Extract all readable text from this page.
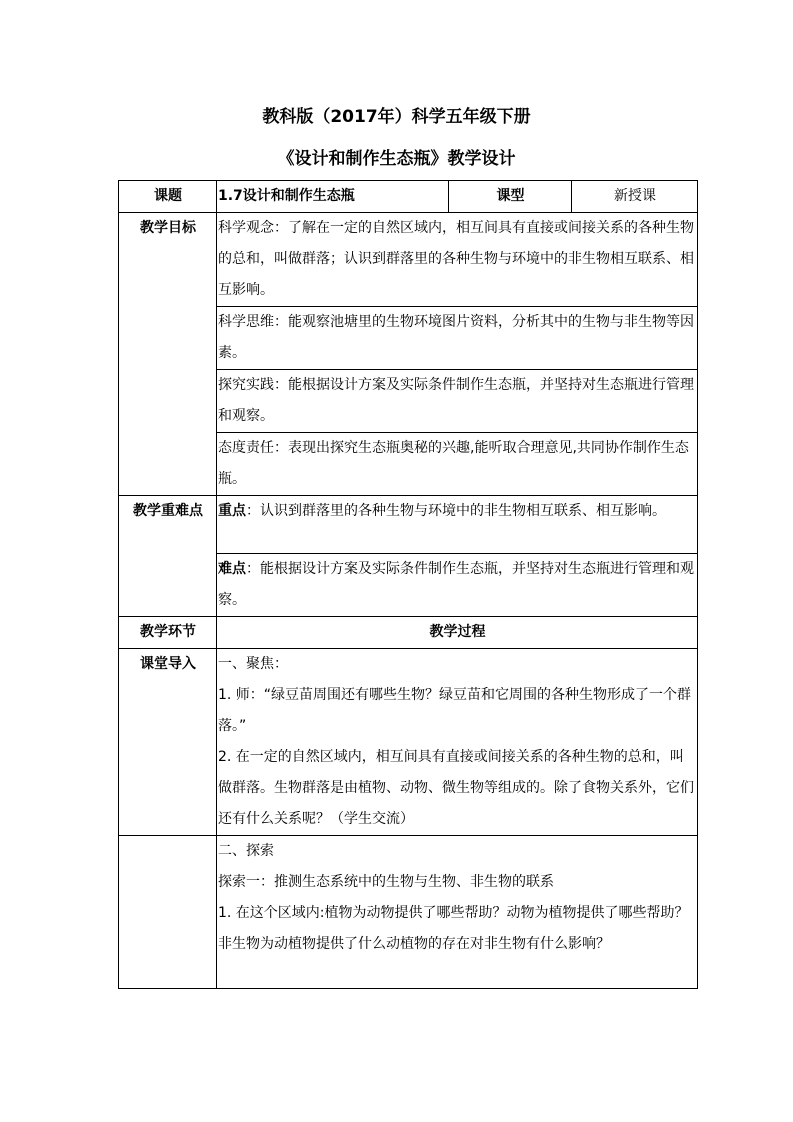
教科版（2017年）科学五年级下册
《设计和制作生态瓶》教学设计
课题	1.7设计和制作生态瓶	课型	新授课
教学目标	科学观念：了解在一定的自然区域内，相互间具有直接或间接关系的各种生物的总和，叫做群落；认识到群落里的各种生物与环境中的非生物相互联系、相互影响。		
	科学思维：能观察池塘里的生物环境图片资料，分析其中的生物与非生物等因素。		
	探究实践：能根据设计方案及实际条件制作生态瓶，并坚持对生态瓶进行管理和观察。		
	态度责任：表现出探究生态瓶奥秘的兴趣,能听取合理意见,共同协作制作生态瓶。		
教学重难点	重点：认识到群落里的各种生物与环境中的非生物相互联系、相互影响。		
	难点：能根据设计方案及实际条件制作生态瓶，并坚持对生态瓶进行管理和观察。		
教学环节	教学过程		
课堂导入	一、聚焦：
1. 师：“绿豆苗周围还有哪些生物？绿豆苗和它周围的各种生物形成了一个群落。”
2. 在一定的自然区域内，相互间具有直接或间接关系的各种生物的总和，叫做群落。生物群落是由植物、动物、微生物等组成的。除了食物关系外，它们还有什么关系呢？（学生交流）		

	二、探索
探索一：推测生态系统中的生物与生物、非生物的联系
1. 在这个区域内:植物为动物提供了哪些帮助？动物为植物提供了哪些帮助？非生物为动植物提供了什么动植物的存在对非生物有什么影响？		
